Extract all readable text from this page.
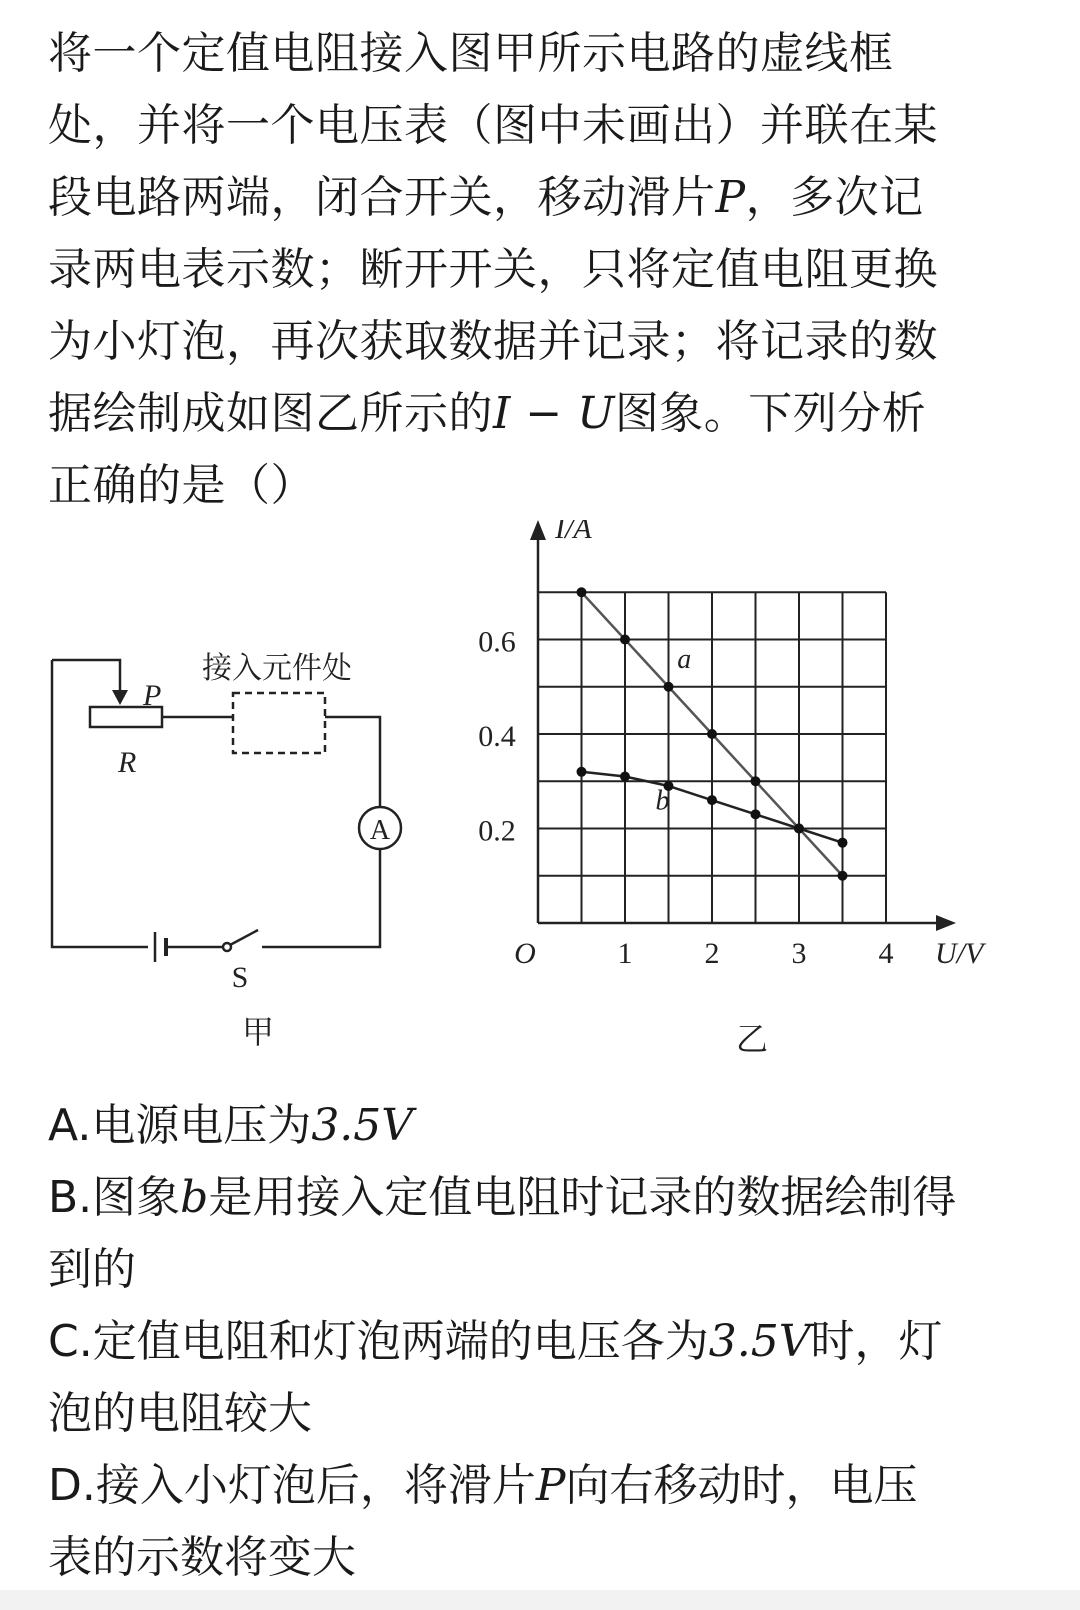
将一个定值电阻接入图甲所示电路的虚线框
处，并将一个电压表（图中未画出）并联在某
段电路两端，闭合开关，移动滑片P，多次记
录两电表示数；断开开关，只将定值电阻更换
为小灯泡，再次获取数据并记录；将记录的数
据绘制成如图乙所示的I − U图象。下列分析
正确的是（）
接入元件处
P
R
A
S
甲
I/A
U/V
O	1 2 3 4
0.2
0.4
0.6
a
b
乙
A.电源电压为3.5V
B.图象b是用接入定值电阻时记录的数据绘制得
到的
C.定值电阻和灯泡两端的电压各为3.5V时，灯
泡的电阻较大
D.接入小灯泡后，将滑片P向右移动时，电压
表的示数将变大
